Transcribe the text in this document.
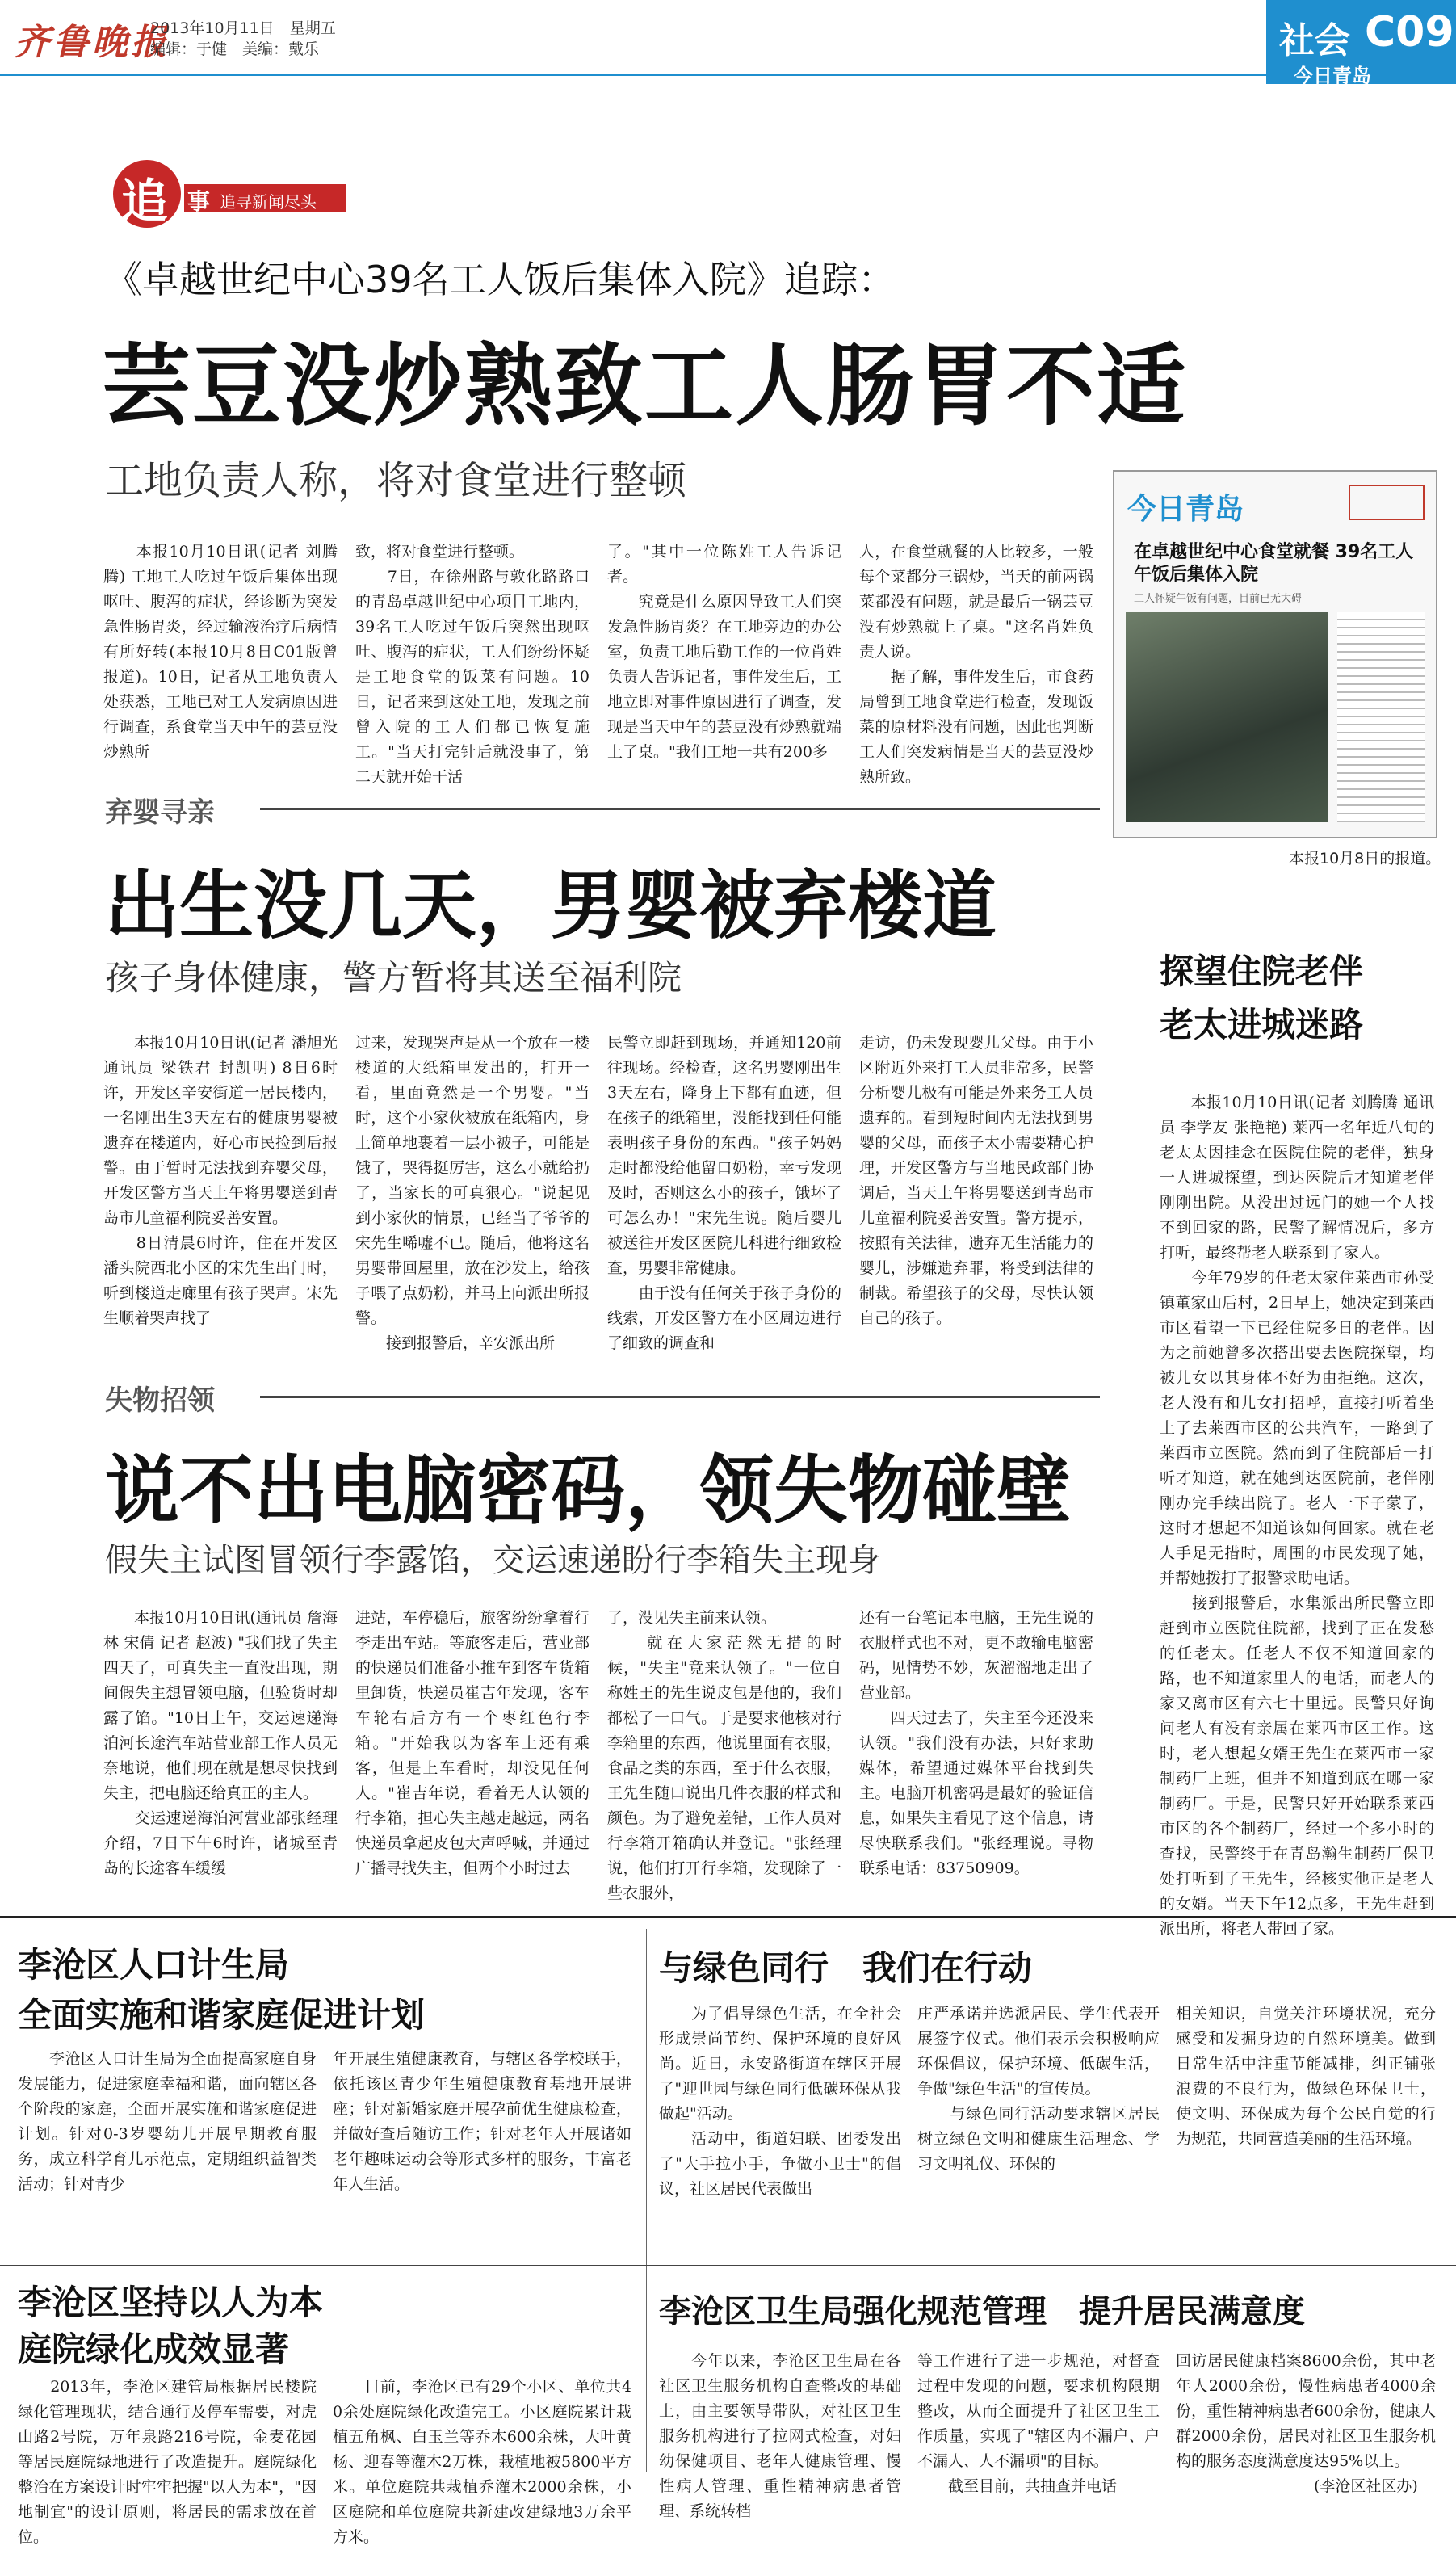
齐鲁晚报
2013年10月11日　星期五
编辑：于健　美编：戴乐	社会 C09
今日青岛
追 事 追寻新闻尽头
《卓越世纪中心39名工人饭后集体入院》追踪：
芸豆没炒熟致工人肠胃不适
工地负责人称，将对食堂进行整顿
　　本报10月10日讯(记者 刘腾腾) 工地工人吃过午饭后集体出现呕吐、腹泻的症状，经诊断为突发急性肠胃炎，经过输液治疗后病情有所好转(本报10月8日C01版曾报道)。10日，记者从工地负责人处获悉，工地已对工人发病原因进行调查，系食堂当天中午的芸豆没炒熟所
致，将对食堂进行整顿。
　　7日，在徐州路与敦化路路口的青岛卓越世纪中心项目工地内，39名工人吃过午饭后突然出现呕吐、腹泻的症状，工人们纷纷怀疑是工地食堂的饭菜有问题。10日，记者来到这处工地，发现之前曾入院的工人们都已恢复施工。"当天打完针后就没事了，第二天就开始干活
了。"其中一位陈姓工人告诉记者。
　　究竟是什么原因导致工人们突发急性肠胃炎？在工地旁边的办公室，负责工地后勤工作的一位肖姓负责人告诉记者，事件发生后，工地立即对事件原因进行了调查，发现是当天中午的芸豆没有炒熟就端上了桌。"我们工地一共有200多
人，在食堂就餐的人比较多，一般每个菜都分三锅炒，当天的前两锅菜都没有问题，就是最后一锅芸豆没有炒熟就上了桌。"这名肖姓负责人说。
　　据了解，事件发生后，市食药局曾到工地食堂进行检查，发现饭菜的原材料没有问题，因此也判断工人们突发病情是当天的芸豆没炒熟所致。
今日青岛
在卓越世纪中心食堂就餐 39名工人午饭后集体入院
工人怀疑午饭有问题，目前已无大碍
本报10月8日的报道。
弃婴寻亲
出生没几天，男婴被弃楼道
孩子身体健康，警方暂将其送至福利院
　　本报10月10日讯(记者 潘旭光 通讯员 梁铁君 封凯明) 8日6时许，开发区辛安街道一居民楼内，一名刚出生3天左右的健康男婴被遗弃在楼道内，好心市民捡到后报警。由于暂时无法找到弃婴父母，开发区警方当天上午将男婴送到青岛市儿童福利院妥善安置。
　　8日清晨6时许，住在开发区潘头院西北小区的宋先生出门时，听到楼道走廊里有孩子哭声。宋先生顺着哭声找了
过来，发现哭声是从一个放在一楼楼道的大纸箱里发出的，打开一看，里面竟然是一个男婴。"当时，这个小家伙被放在纸箱内，身上简单地裹着一层小被子，可能是饿了，哭得挺厉害，这么小就给扔了，当家长的可真狠心。"说起见到小家伙的情景，已经当了爷爷的宋先生唏嘘不已。随后，他将这名男婴带回屋里，放在沙发上，给孩子喂了点奶粉，并马上向派出所报警。
　　接到报警后，辛安派出所
民警立即赶到现场，并通知120前往现场。经检查，这名男婴刚出生3天左右，降身上下都有血迹，但在孩子的纸箱里，没能找到任何能表明孩子身份的东西。"孩子妈妈走时都没给他留口奶粉，幸亏发现及时，否则这么小的孩子，饿坏了可怎么办！"宋先生说。随后婴儿被送往开发区医院儿科进行细致检查，男婴非常健康。
　　由于没有任何关于孩子身份的线索，开发区警方在小区周边进行了细致的调查和
走访，仍未发现婴儿父母。由于小区附近外来打工人员非常多，民警分析婴儿极有可能是外来务工人员遗弃的。看到短时间内无法找到男婴的父母，而孩子太小需要精心护理，开发区警方与当地民政部门协调后，当天上午将男婴送到青岛市儿童福利院妥善安置。警方提示，按照有关法律，遗弃无生活能力的婴儿，涉嫌遗弃罪，将受到法律的制裁。希望孩子的父母，尽快认领自己的孩子。
探望住院老伴
老太进城迷路
　　本报10月10日讯(记者 刘腾腾 通讯员 李学友 张艳艳) 莱西一名年近八旬的老太太因挂念在医院住院的老伴，独身一人进城探望，到达医院后才知道老伴刚刚出院。从没出过远门的她一个人找不到回家的路，民警了解情况后，多方打听，最终帮老人联系到了家人。
　　今年79岁的任老太家住莱西市孙受镇董家山后村，2日早上，她决定到莱西市区看望一下已经住院多日的老伴。因为之前她曾多次搭出要去医院探望，均被儿女以其身体不好为由拒绝。这次，老人没有和儿女打招呼，直接打听着坐上了去莱西市区的公共汽车，一路到了莱西市立医院。然而到了住院部后一打听才知道，就在她到达医院前，老伴刚刚办完手续出院了。老人一下子蒙了，这时才想起不知道该如何回家。就在老人手足无措时，周围的市民发现了她，并帮她拨打了报警求助电话。
　　接到报警后，水集派出所民警立即赶到市立医院住院部，找到了正在发愁的任老太。任老人不仅不知道回家的路，也不知道家里人的电话，而老人的家又离市区有六七十里远。民警只好询问老人有没有亲属在莱西市区工作。这时，老人想起女婿王先生在莱西市一家制药厂上班，但并不知道到底在哪一家制药厂。于是，民警只好开始联系莱西市区的各个制药厂，经过一个多小时的查找，民警终于在青岛瀚生制药厂保卫处打听到了王先生，经核实他正是老人的女婿。当天下午12点多，王先生赶到派出所，将老人带回了家。
失物招领
说不出电脑密码，领失物碰壁
假失主试图冒领行李露馅，交运速递盼行李箱失主现身
　　本报10月10日讯(通讯员 詹海林 宋倩 记者 赵波) "我们找了失主四天了，可真失主一直没出现，期间假失主想冒领电脑，但验货时却露了馅。"10日上午，交运速递海泊河长途汽车站营业部工作人员无奈地说，他们现在就是想尽快找到失主，把电脑还给真正的主人。
　　交运速递海泊河营业部张经理介绍，7日下午6时许，诸城至青岛的长途客车缓缓
进站，车停稳后，旅客纷纷拿着行李走出车站。等旅客走后，营业部的快递员们准备小推车到客车货箱里卸货，快递员崔吉年发现，客车车轮右后方有一个枣红色行李箱。"开始我以为客车上还有乘客，但是上车看时，却没见任何人。"崔吉年说，看着无人认领的行李箱，担心失主越走越远，两名快递员拿起皮包大声呼喊，并通过广播寻找失主，但两个小时过去
了，没见失主前来认领。
　　就在大家茫然无措的时候，"失主"竟来认领了。"一位自称姓王的先生说皮包是他的，我们都松了一口气。于是要求他核对行李箱里的东西，他说里面有衣服，食品之类的东西，至于什么衣服，王先生随口说出几件衣服的样式和颜色。为了避免差错，工作人员对行李箱开箱确认并登记。"张经理说，他们打开行李箱，发现除了一些衣服外，
还有一台笔记本电脑，王先生说的衣服样式也不对，更不敢输电脑密码，见情势不妙，灰溜溜地走出了营业部。
　　四天过去了，失主至今还没来认领。"我们没有办法，只好求助媒体，希望通过媒体平台找到失主。电脑开机密码是最好的验证信息，如果失主看见了这个信息，请尽快联系我们。"张经理说。寻物联系电话：83750909。
李沧区人口计生局
全面实施和谐家庭促进计划
　　李沧区人口计生局为全面提高家庭自身发展能力，促进家庭幸福和谐，面向辖区各个阶段的家庭，全面开展实施和谐家庭促进计划。针对0-3岁婴幼儿开展早期教育服务，成立科学育儿示范点，定期组织益智类活动；针对青少
年开展生殖健康教育，与辖区各学校联手，依托该区青少年生殖健康教育基地开展讲座；针对新婚家庭开展孕前优生健康检查，并做好查后随访工作；针对老年人开展诸如老年趣味运动会等形式多样的服务，丰富老年人生活。
与绿色同行　我们在行动
　　为了倡导绿色生活，在全社会形成崇尚节约、保护环境的良好风尚。近日，永安路街道在辖区开展了"迎世园与绿色同行低碳环保从我做起"活动。
　　活动中，街道妇联、团委发出了"大手拉小手，争做小卫士"的倡议，社区居民代表做出
庄严承诺并选派居民、学生代表开展签字仪式。他们表示会积极响应环保倡议，保护环境、低碳生活，争做"绿色生活"的宣传员。
　　与绿色同行活动要求辖区居民树立绿色文明和健康生活理念、学习文明礼仪、环保的
相关知识，自觉关注环境状况，充分感受和发掘身边的自然环境美。做到日常生活中注重节能减排，纠正铺张浪费的不良行为，做绿色环保卫士，使文明、环保成为每个公民自觉的行为规范，共同营造美丽的生活环境。
李沧区坚持以人为本
庭院绿化成效显著
　　2013年，李沧区建管局根据居民楼院绿化管理现状，结合通行及停车需要，对虎山路2号院，万年泉路216号院，金麦花园等居民庭院绿地进行了改造提升。庭院绿化整治在方案设计时牢牢把握"以人为本"，"因地制宜"的设计原则，将居民的需求放在首位。
　　目前，李沧区已有29个小区、单位共40余处庭院绿化改造完工。小区庭院累计栽植五角枫、白玉兰等乔木600余株，大叶黄杨、迎春等灌木2万株，栽植地被5800平方米。单位庭院共栽植乔灌木2000余株，小区庭院和单位庭院共新建改建绿地3万余平方米。
李沧区卫生局强化规范管理　提升居民满意度
　　今年以来，李沧区卫生局在各社区卫生服务机构自查整改的基础上，由主要领导带队，对社区卫生服务机构进行了拉网式检查，对妇幼保健项目、老年人健康管理、慢性病人管理、重性精神病患者管理、系统转档
等工作进行了进一步规范，对督查过程中发现的问题，要求机构限期整改，从而全面提升了社区卫生工作质量，实现了"辖区内不漏户、户不漏人、人不漏项"的目标。
　　截至目前，共抽查并电话
回访居民健康档案8600余份，其中老年人2000余份，慢性病患者4000余份，重性精神病患者600余份，健康人群2000余份，居民对社区卫生服务机构的服务态度满意度达95%以上。
　　　　　　　　　(李沧区社区办)
